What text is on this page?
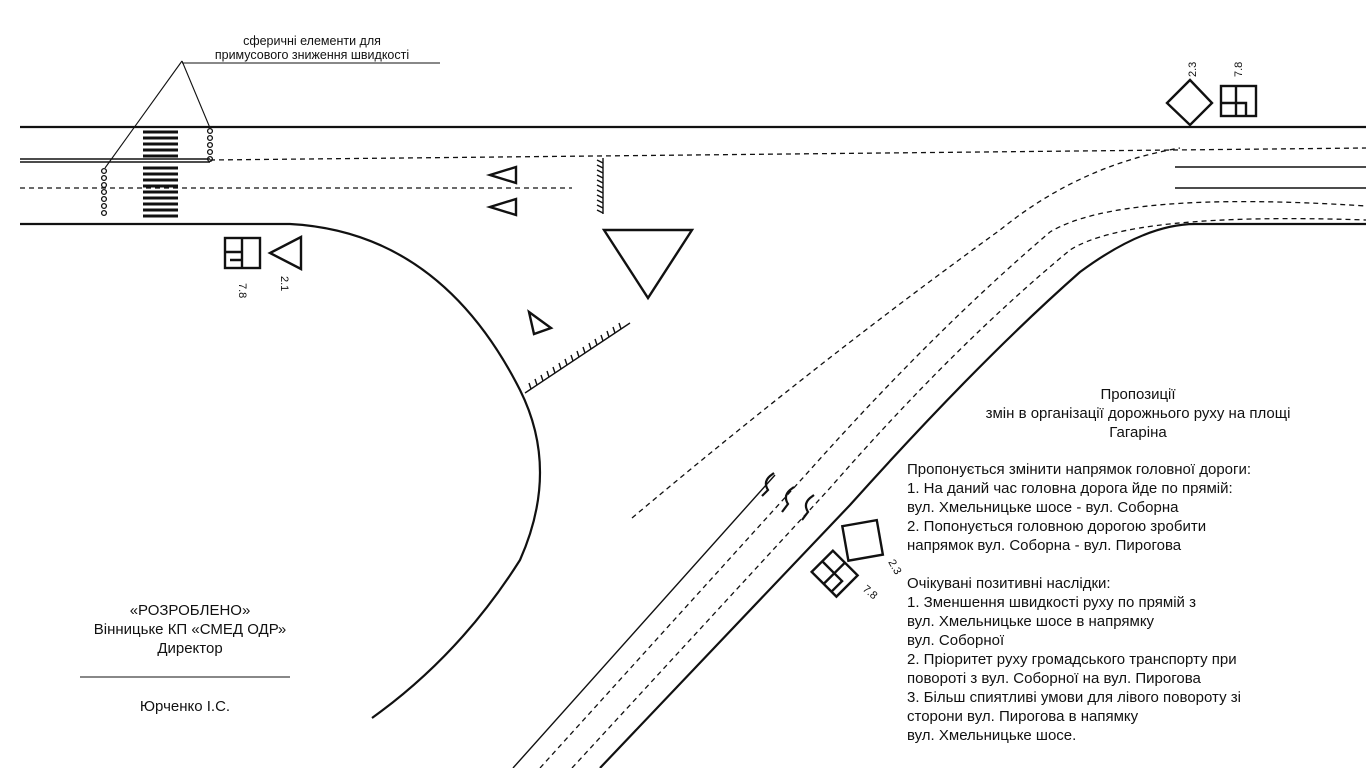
2.3	7.8
7.8	2.1
2.3
7.8
сферичні елементи для
примусового зниження швидкості
Пропозиції
змін в організації дорожнього руху на площі
Гагаріна
Пропонується змінити напрямок головної дороги:
1. На даний час головна дорога йде по прямій:
вул. Хмельницьке шосе - вул. Соборна
2. Попонується головною дорогою зробити
напрямок вул. Соборна - вул. Пирогова
Очікувані позитивні наслідки:
1. Зменшення швидкості руху по прямій з
вул. Хмельницьке шосе в напрямку
вул. Соборної
2. Пріоритет руху громадського транспорту при
повороті з вул. Соборної на вул. Пирогова
3. Більш спиятливі умови для лівого повороту зі
сторони вул. Пирогова в напямку
вул. Хмельницьке шосе.
«РОЗРОБЛЕНО»
Вінницьке КП «СМЕД ОДР»
Директор
Юрченко І.С.
